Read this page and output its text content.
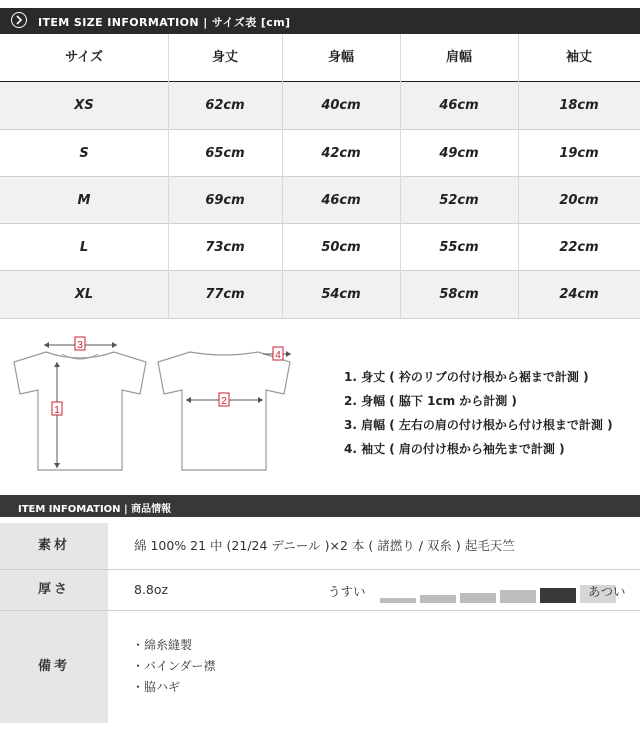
ITEM SIZE INFORMATION | サイズ表 [cm]
サイズ	身丈	身幅	肩幅	袖丈
XS	62cm	40cm	46cm	18cm
S	65cm	42cm	49cm	19cm
M	69cm	46cm	52cm	20cm
L	73cm	50cm	55cm	22cm
XL	77cm	54cm	58cm	24cm
3
1
2
4
1. 身丈 ( 衿のリブの付け根から裾まで計測 )
2. 身幅 ( 脇下 1cm から計測 )
3. 肩幅 ( 左右の肩の付け根から付け根まで計測 )
4. 袖丈 ( 肩の付け根から袖先まで計測 )
ITEM INFOMATION | 商品情報
素材	綿 100% 21 中 (21/24 デニール )×2 本 ( 諸撚り / 双糸 ) 起毛天竺
厚さ	8.8oz	うすい	あつい
備考
・綿糸縫製
・バインダー襟
・脇ハギ
